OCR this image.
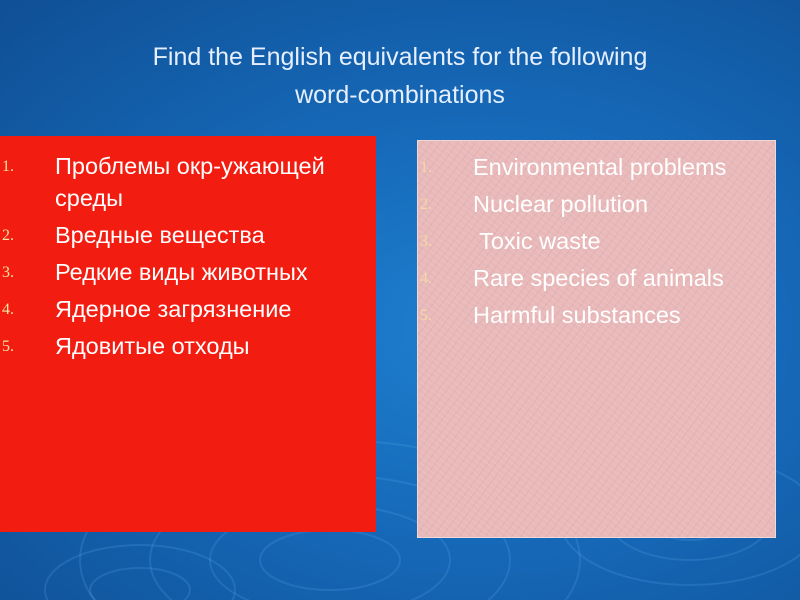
Find the English equivalents for the following
word-combinations
1. Проблемы окр-ужающей среды
2. Вредные вещества
3. Редкие виды животных
4. Ядерное загрязнение
5. Ядовитые отходы
1. Environmental problems
2. Nuclear pollution
3. Toxic waste
4. Rare species of animals
5. Harmful substances
